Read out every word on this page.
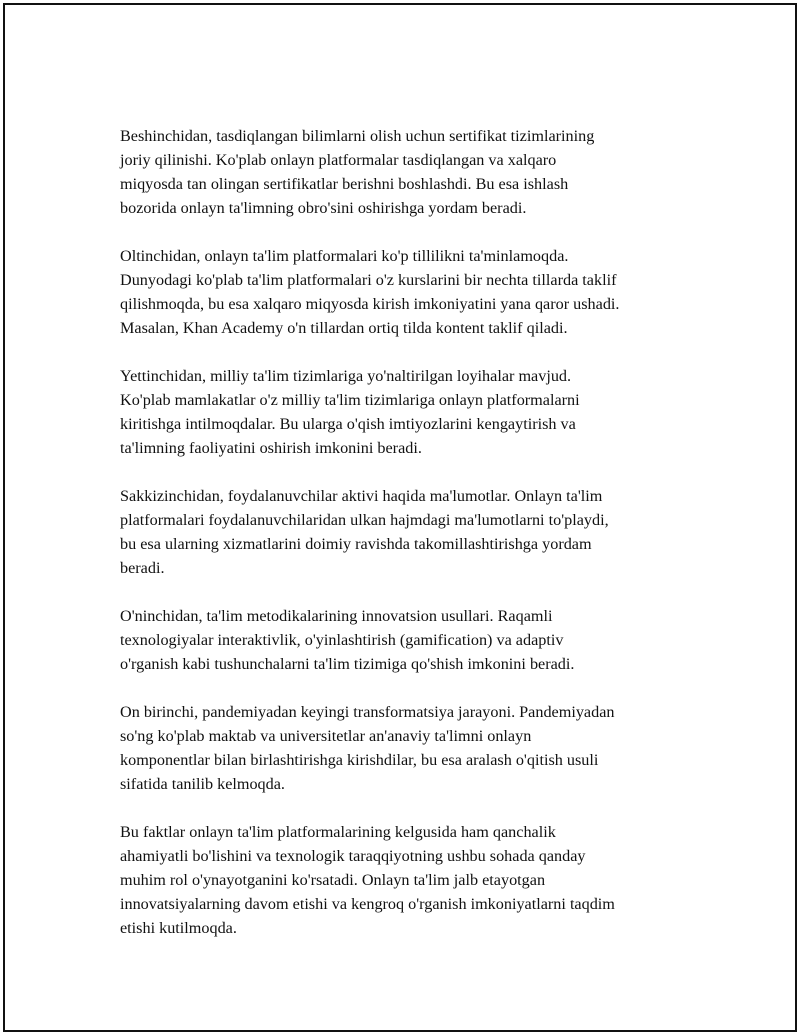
Beshinchidan, tasdiqlangan bilimlarni olish uchun sertifikat tizimlarining
joriy qilinishi. Ko'plab onlayn platformalar tasdiqlangan va xalqaro
miqyosda tan olingan sertifikatlar berishni boshlashdi. Bu esa ishlash
bozorida onlayn ta'limning obro'sini oshirishga yordam beradi.

Oltinchidan, onlayn ta'lim platformalari ko'p tillilikni ta'minlamoqda.
Dunyodagi ko'plab ta'lim platformalari o'z kurslarini bir nechta tillarda taklif
qilishmoqda, bu esa xalqaro miqyosda kirish imkoniyatini yana qaror ushadi.
Masalan, Khan Academy o'n tillardan ortiq tilda kontent taklif qiladi.

Yettinchidan, milliy ta'lim tizimlariga yo'naltirilgan loyihalar mavjud.
Ko'plab mamlakatlar o'z milliy ta'lim tizimlariga onlayn platformalarni
kiritishga intilmoqdalar. Bu ularga o'qish imtiyozlarini kengaytirish va
ta'limning faoliyatini oshirish imkonini beradi.

Sakkizinchidan, foydalanuvchilar aktivi haqida ma'lumotlar. Onlayn ta'lim
platformalari foydalanuvchilaridan ulkan hajmdagi ma'lumotlarni to'playdi,
bu esa ularning xizmatlarini doimiy ravishda takomillashtirishga yordam
beradi.

O'ninchidan, ta'lim metodikalarining innovatsion usullari. Raqamli
texnologiyalar interaktivlik, o'yinlashtirish (gamification) va adaptiv
o'rganish kabi tushunchalarni ta'lim tizimiga qo'shish imkonini beradi.

On birinchi, pandemiyadan keyingi transformatsiya jarayoni. Pandemiyadan
so'ng ko'plab maktab va universitetlar an'anaviy ta'limni onlayn
komponentlar bilan birlashtirishga kirishdilar, bu esa aralash o'qitish usuli
sifatida tanilib kelmoqda.

Bu faktlar onlayn ta'lim platformalarining kelgusida ham qanchalik
ahamiyatli bo'lishini va texnologik taraqqiyotning ushbu sohada qanday
muhim rol o'ynayotganini ko'rsatadi. Onlayn ta'lim jalb etayotgan
innovatsiyalarning davom etishi va kengroq o'rganish imkoniyatlarni taqdim
etishi kutilmoqda.
